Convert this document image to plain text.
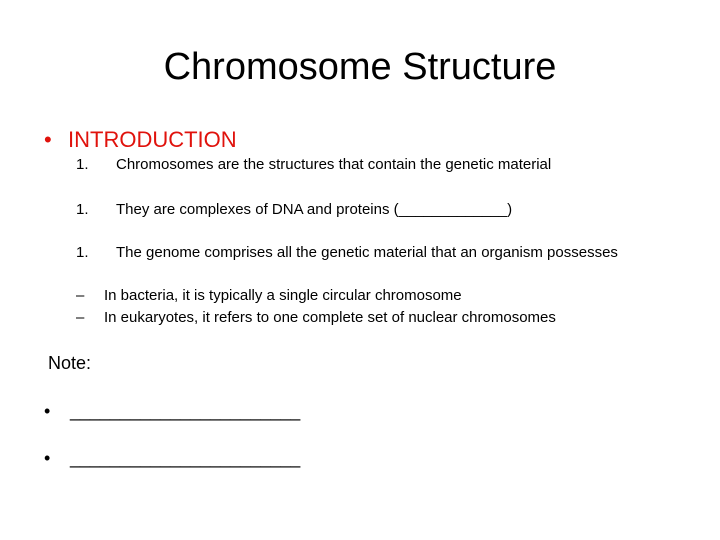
Chromosome Structure
• INTRODUCTION
1. Chromosomes are the structures that contain the genetic material
1. They are complexes of DNA and proteins (_____________)
1. The genome comprises all the genetic material that an organism possesses
– In bacteria, it is typically a single circular chromosome
– In eukaryotes, it refers to one complete set of nuclear chromosomes
Note:
• _______________________
• _______________________
